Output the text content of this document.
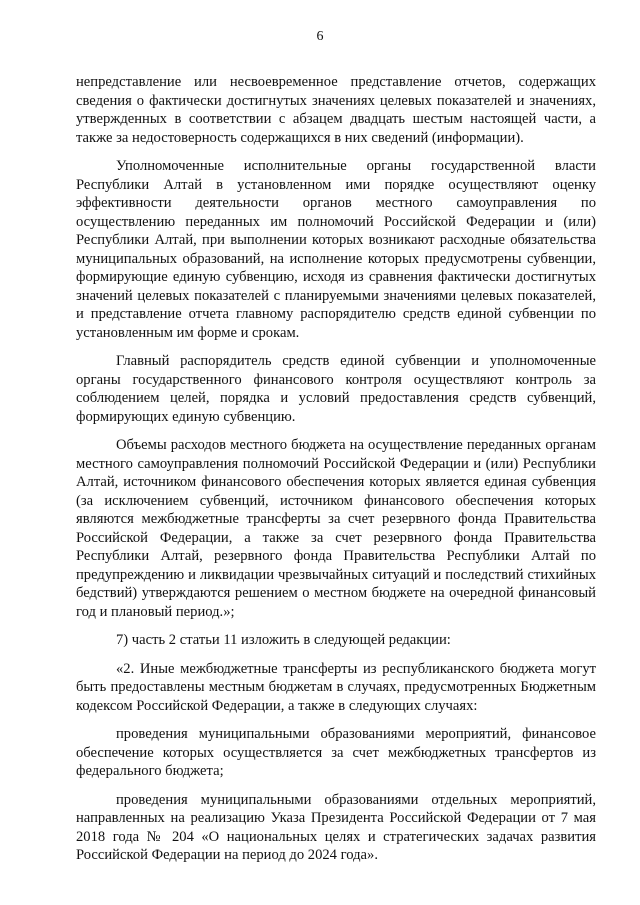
6

непредставление или несвоевременное представление отчетов, содержащих сведения о фактически достигнутых значениях целевых показателей и значениях, утвержденных в соответствии с абзацем двадцать шестым настоящей части, а также за недостоверность содержащихся в них сведений (информации).

Уполномоченные исполнительные органы государственной власти Республики Алтай в установленном ими порядке осуществляют оценку эффективности деятельности органов местного самоуправления по осуществлению переданных им полномочий Российской Федерации и (или) Республики Алтай, при выполнении которых возникают расходные обязательства муниципальных образований, на исполнение которых предусмотрены субвенции, формирующие единую субвенцию, исходя из сравнения фактически достигнутых значений целевых показателей с планируемыми значениями целевых показателей, и представление отчета главному распорядителю средств единой субвенции по установленным им форме и срокам.

Главный распорядитель средств единой субвенции и уполномоченные органы государственного финансового контроля осуществляют контроль за соблюдением целей, порядка и условий предоставления средств субвенций, формирующих единую субвенцию.

Объемы расходов местного бюджета на осуществление переданных органам местного самоуправления полномочий Российской Федерации и (или) Республики Алтай, источником финансового обеспечения которых является единая субвенция (за исключением субвенций, источником финансового обеспечения которых являются межбюджетные трансферты за счет резервного фонда Правительства Российской Федерации, а также за счет резервного фонда Правительства Республики Алтай, резервного фонда Правительства Республики Алтай по предупреждению и ликвидации чрезвычайных ситуаций и последствий стихийных бедствий) утверждаются решением о местном бюджете на очередной финансовый год и плановый период.»;

7) часть 2 статьи 11 изложить в следующей редакции:

«2. Иные межбюджетные трансферты из республиканского бюджета могут быть предоставлены местным бюджетам в случаях, предусмотренных Бюджетным кодексом Российской Федерации, а также в следующих случаях:

проведения муниципальными образованиями мероприятий, финансовое обеспечение которых осуществляется за счет межбюджетных трансфертов из федерального бюджета;

проведения муниципальными образованиями отдельных мероприятий, направленных на реализацию Указа Президента Российской Федерации от 7 мая 2018 года № 204 «О национальных целях и стратегических задачах развития Российской Федерации на период до 2024 года».
